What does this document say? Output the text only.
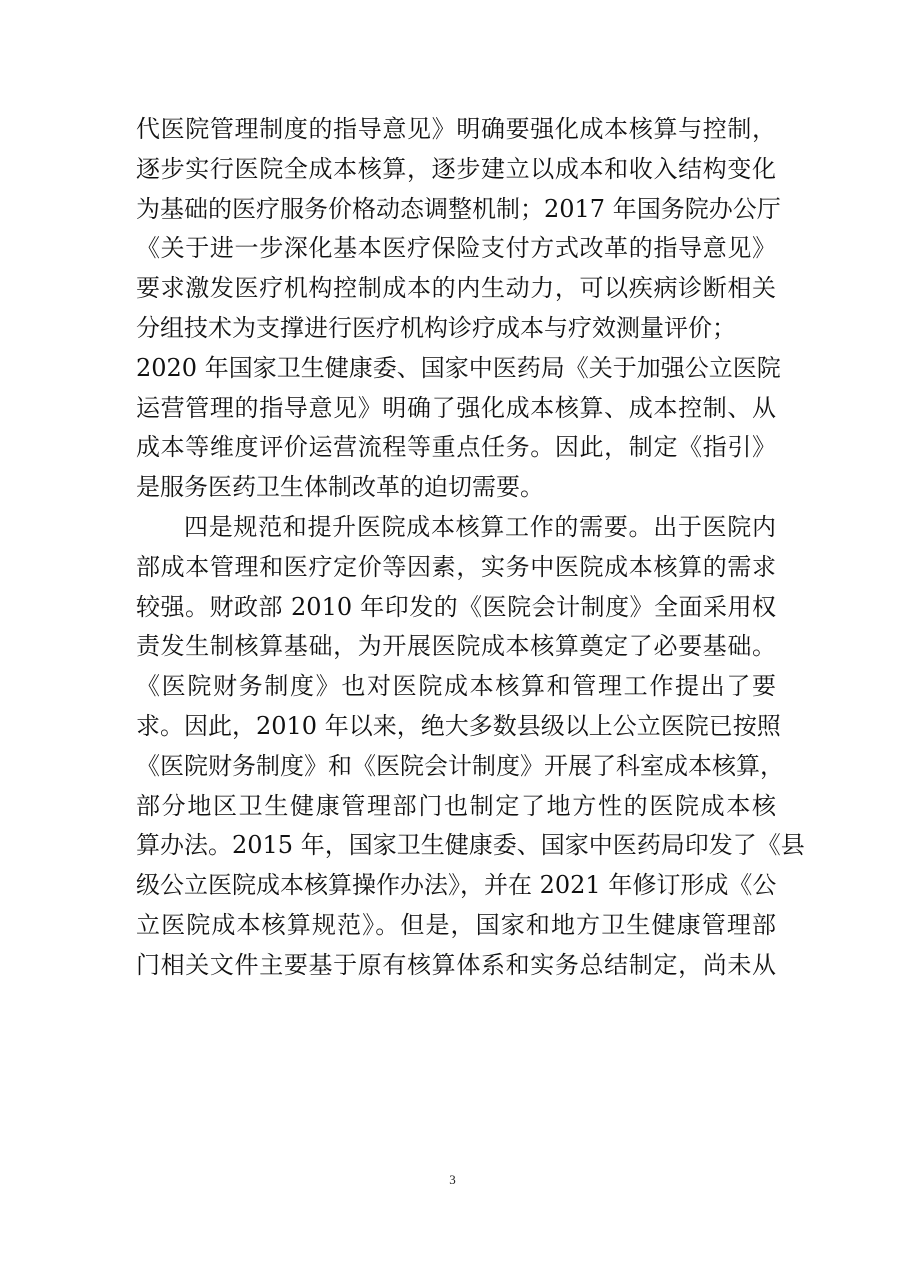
代医院管理制度的指导意见》明确要强化成本核算与控制，
逐步实行医院全成本核算，逐步建立以成本和收入结构变化
为基础的医疗服务价格动态调整机制；2017 年国务院办公厅
《关于进一步深化基本医疗保险支付方式改革的指导意见》
要求激发医疗机构控制成本的内生动力，可以疾病诊断相关
分组技术为支撑进行医疗机构诊疗成本与疗效测量评价；
2020 年国家卫生健康委、国家中医药局《关于加强公立医院
运营管理的指导意见》明确了强化成本核算、成本控制、从
成本等维度评价运营流程等重点任务。因此，制定《指引》
是服务医药卫生体制改革的迫切需要。
四是规范和提升医院成本核算工作的需要。出于医院内
部成本管理和医疗定价等因素，实务中医院成本核算的需求
较强。财政部 2010 年印发的《医院会计制度》全面采用权
责发生制核算基础，为开展医院成本核算奠定了必要基础。
《医院财务制度》也对医院成本核算和管理工作提出了要
求。因此，2010 年以来，绝大多数县级以上公立医院已按照
《医院财务制度》和《医院会计制度》开展了科室成本核算，
部分地区卫生健康管理部门也制定了地方性的医院成本核
算办法。2015 年，国家卫生健康委、国家中医药局印发了《县
级公立医院成本核算操作办法》，并在 2021 年修订形成《公
立医院成本核算规范》。但是，国家和地方卫生健康管理部
门相关文件主要基于原有核算体系和实务总结制定，尚未从
3
